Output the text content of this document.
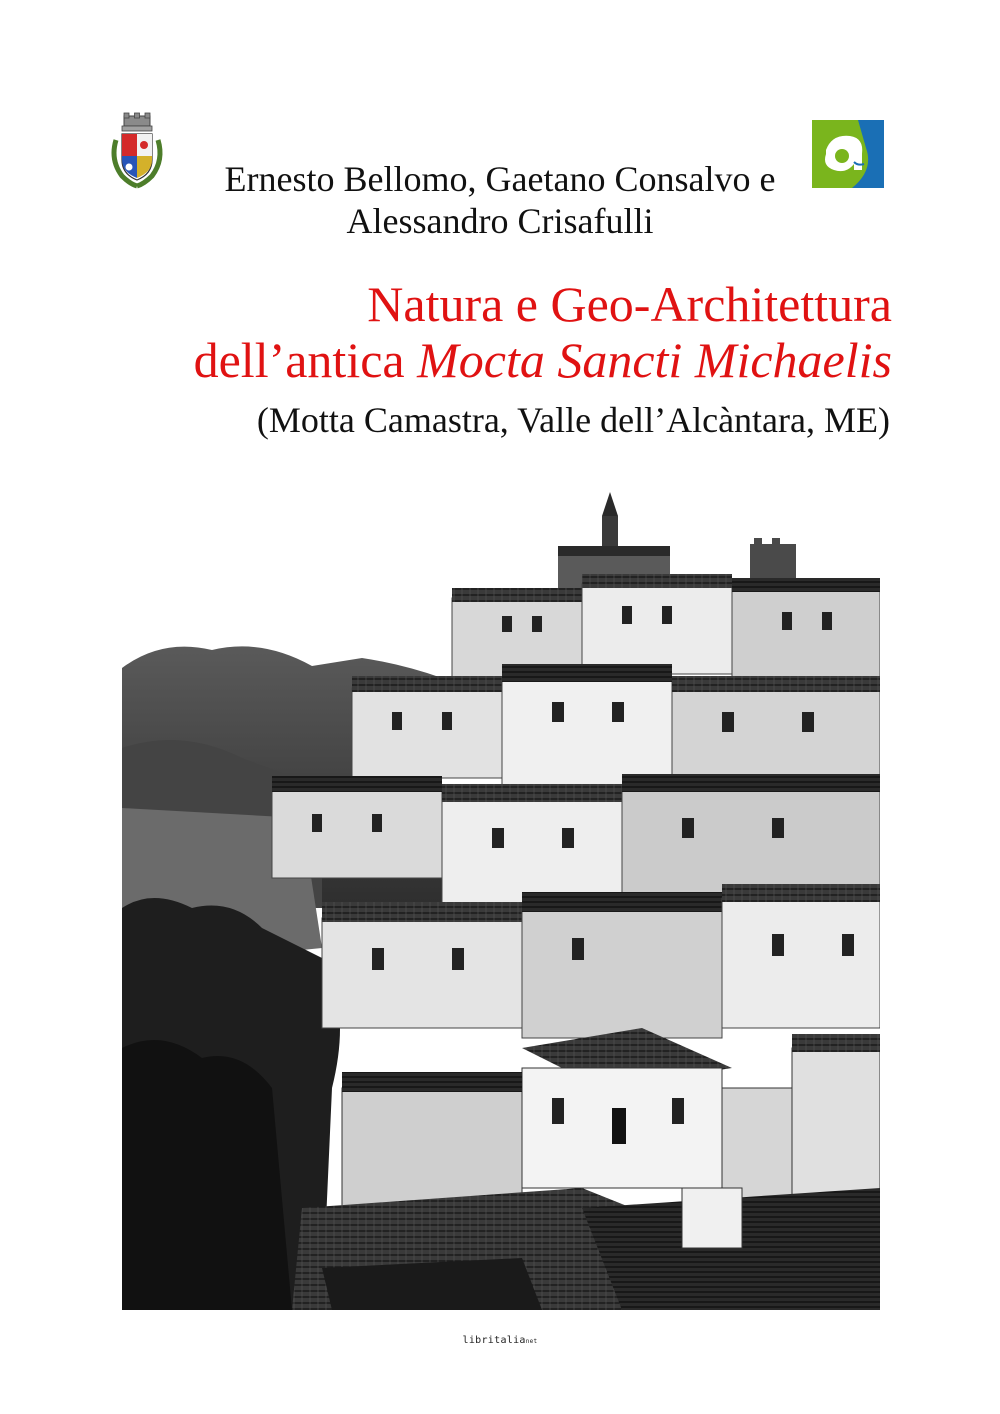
Ernesto Bellomo, Gaetano Consalvo e
Alessandro Crisafulli
Natura e Geo-Architettura
dell’antica Mocta Sancti Michaelis
(Motta Camastra, Valle dell’Alcàntara, ME)
libritalianet
